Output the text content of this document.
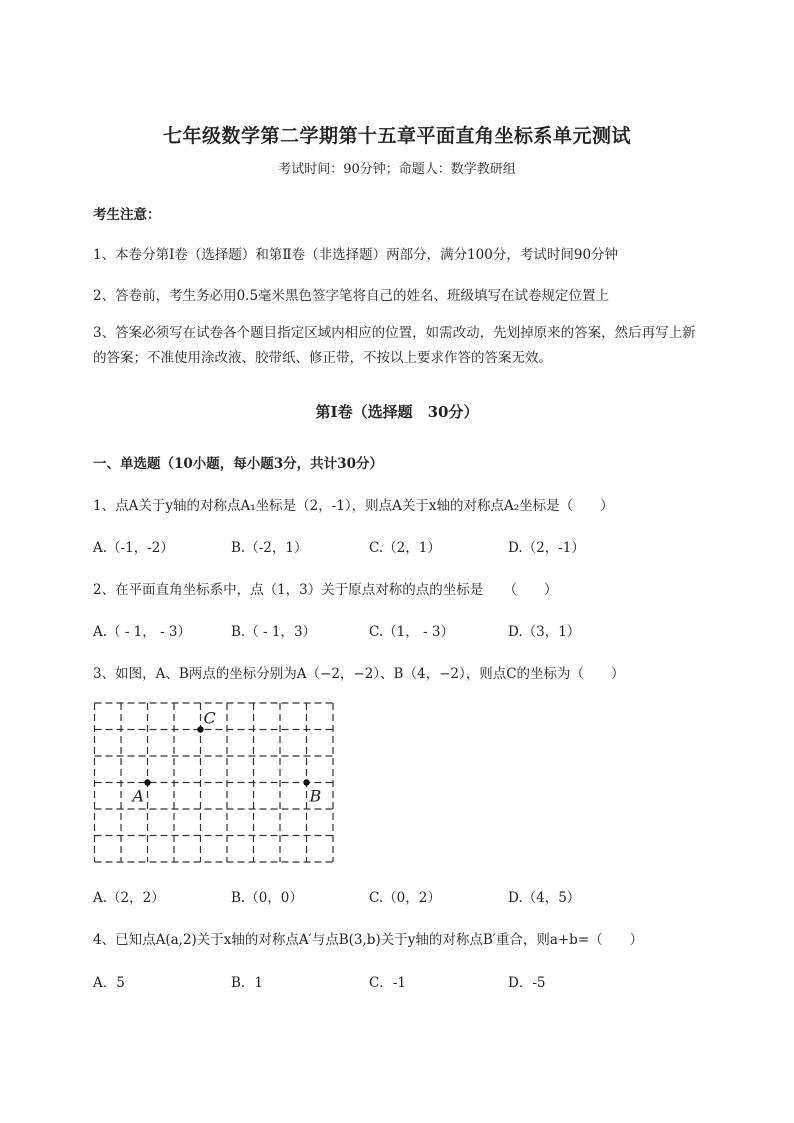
七年级数学第二学期第十五章平面直角坐标系单元测试
考试时间：90分钟；命题人：数学教研组
考生注意：
1、本卷分第Ⅰ卷（选择题）和第Ⅱ卷（非选择题）两部分，满分100分，考试时间90分钟
2、答卷前，考生务必用0.5毫米黑色签字笔将自己的姓名、班级填写在试卷规定位置上
3、答案必须写在试卷各个题目指定区域内相应的位置，如需改动，先划掉原来的答案，然后再写上新的答案；不准使用涂改液、胶带纸、修正带，不按以上要求作答的答案无效。
第Ⅰ卷（选择题　30分）
一、单选题（10小题，每小题3分，共计30分）
1、点A关于y轴的对称点A₁坐标是（2，-1），则点A关于x轴的对称点A₂坐标是（　　）
A.（-1，-2）	B.（-2，1）	C.（2，1）	D.（2，-1）
2、在平面直角坐标系中，点（1，3）关于原点对称的点的坐标是　　（　　）
A.（ - 1， - 3）	B.（ - 1，3）	C.（1， - 3）	D.（3，1）
3、如图，A、B两点的坐标分别为A（−2，−2）、B（4，−2），则点C的坐标为（　　）
C
A	B
A.（2，2）	B.（0，0）	C.（0，2）	D.（4，5）
4、已知点A(a,2)关于x轴的对称点A′与点B(3,b)关于y轴的对称点B′重合，则a+b=（　　）
A．5	B．1	C．-1	D．-5
